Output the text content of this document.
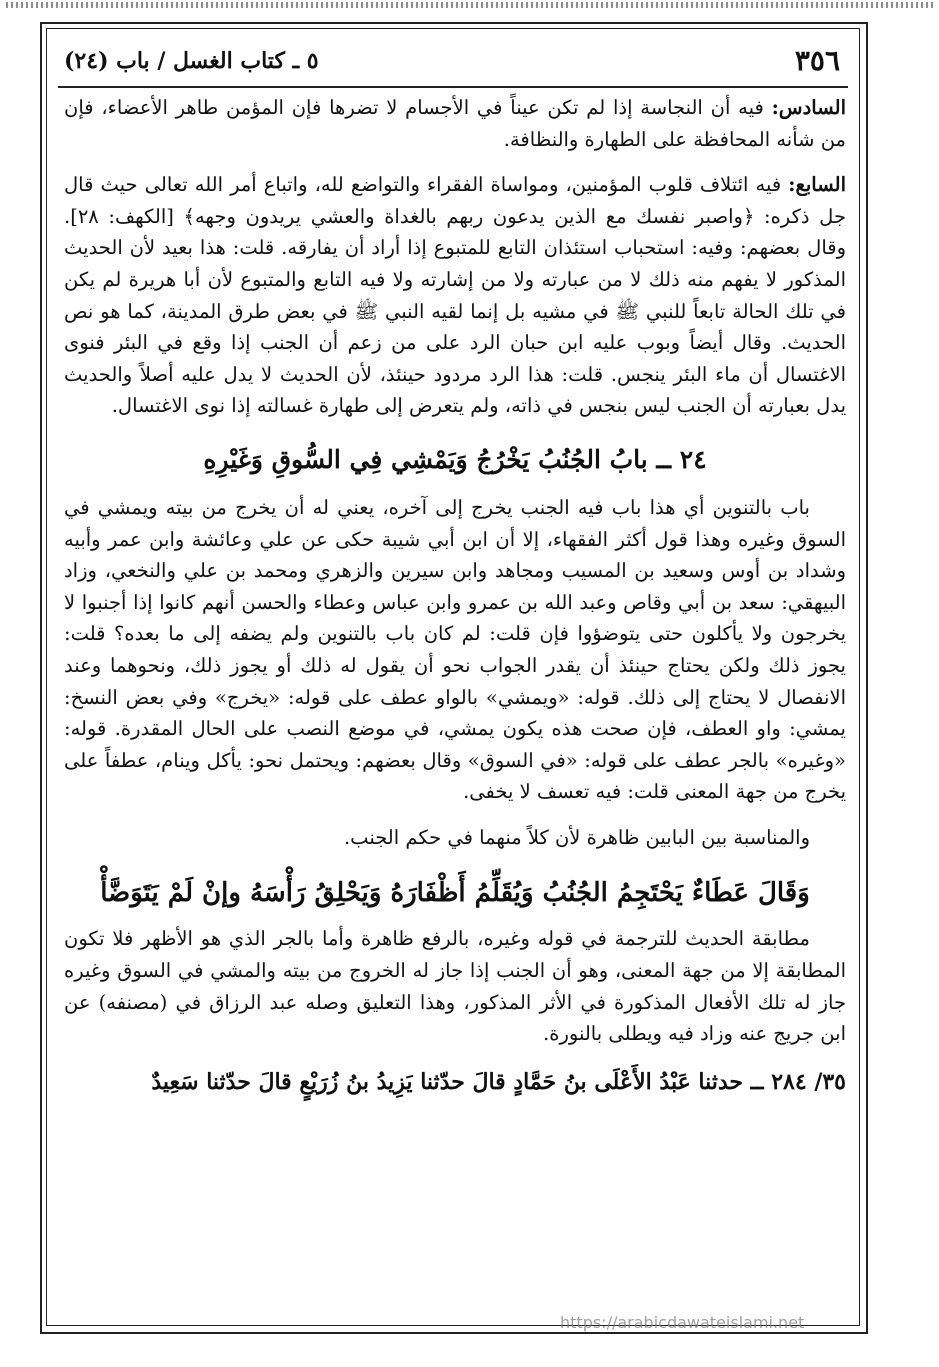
٣٥٦
٥ ـ كتاب الغسل / باب (٢٤)

السادس: فيه أن النجاسة إذا لم تكن عيناً في الأجسام لا تضرها فإن المؤمن طاهر الأعضاء، فإن من شأنه المحافظة على الطهارة والنظافة.

السابع: فيه ائتلاف قلوب المؤمنين، ومواساة الفقراء والتواضع لله، واتباع أمر الله تعالى حيث قال جل ذكره: ﴿واصبر نفسك مع الذين يدعون ربهم بالغداة والعشي يريدون وجهه﴾ [الكهف: ٢٨]. وقال بعضهم: وفيه: استحباب استئذان التابع للمتبوع إذا أراد أن يفارقه. قلت: هذا بعيد لأن الحديث المذكور لا يفهم منه ذلك لا من عبارته ولا من إشارته ولا فيه التابع والمتبوع لأن أبا هريرة لم يكن في تلك الحالة تابعاً للنبي ﷺ في مشيه بل إنما لقيه النبي ﷺ في بعض طرق المدينة، كما هو نص الحديث. وقال أيضاً وبوب عليه ابن حبان الرد على من زعم أن الجنب إذا وقع في البئر فنوى الاغتسال أن ماء البئر ينجس. قلت: هذا الرد مردود حينئذ، لأن الحديث لا يدل عليه أصلاً والحديث يدل بعبارته أن الجنب ليس بنجس في ذاته، ولم يتعرض إلى طهارة غسالته إذا نوى الاغتسال.

٢٤ ــ بابُ الجُنُبُ يَخْرُجُ وَيَمْشِي فِي السُّوقِ وَغَيْرِهِ

باب بالتنوين أي هذا باب فيه الجنب يخرج إلى آخره، يعني له أن يخرج من بيته ويمشي في السوق وغيره وهذا قول أكثر الفقهاء، إلا أن ابن أبي شيبة حكى عن علي وعائشة وابن عمر وأبيه وشداد بن أوس وسعيد بن المسيب ومجاهد وابن سيرين والزهري ومحمد بن علي والنخعي، وزاد البيهقي: سعد بن أبي وقاص وعبد الله بن عمرو وابن عباس وعطاء والحسن أنهم كانوا إذا أجنبوا لا يخرجون ولا يأكلون حتى يتوضؤوا فإن قلت: لم كان باب بالتنوين ولم يضفه إلى ما بعده؟ قلت: يجوز ذلك ولكن يحتاج حينئذ أن يقدر الجواب نحو أن يقول له ذلك أو يجوز ذلك، ونحوهما وعند الانفصال لا يحتاج إلى ذلك. قوله: «ويمشي» بالواو عطف على قوله: «يخرج» وفي بعض النسخ: يمشي: واو العطف، فإن صحت هذه يكون يمشي، في موضع النصب على الحال المقدرة. قوله: «وغيره» بالجر عطف على قوله: «في السوق» وقال بعضهم: ويحتمل نحو: يأكل وينام، عطفاً على يخرج من جهة المعنى قلت: فيه تعسف لا يخفى.

والمناسبة بين البابين ظاهرة لأن كلاً منهما في حكم الجنب.

وَقَالَ عَطَاءٌ يَحْتَجِمُ الجُنُبُ وَيُقَلِّمُ أَظْفَارَهُ وَيَحْلِقُ رَأْسَهُ وإنْ لَمْ يَتَوَضَّأْ

مطابقة الحديث للترجمة في قوله وغيره، بالرفع ظاهرة وأما بالجر الذي هو الأظهر فلا تكون المطابقة إلا من جهة المعنى، وهو أن الجنب إذا جاز له الخروج من بيته والمشي في السوق وغيره جاز له تلك الأفعال المذكورة في الأثر المذكور، وهذا التعليق وصله عبد الرزاق في (مصنفه) عن ابن جريج عنه وزاد فيه ويطلى بالنورة.

٣٥/ ٢٨٤ ــ حدثنا عَبْدُ الأَعْلَى بنُ حَمَّادٍ قالَ حدّثنا يَزِيدُ بنُ زُرَيْعٍ قالَ حدّثنا سَعِيدٌ
https://arabicdawateislami.net
